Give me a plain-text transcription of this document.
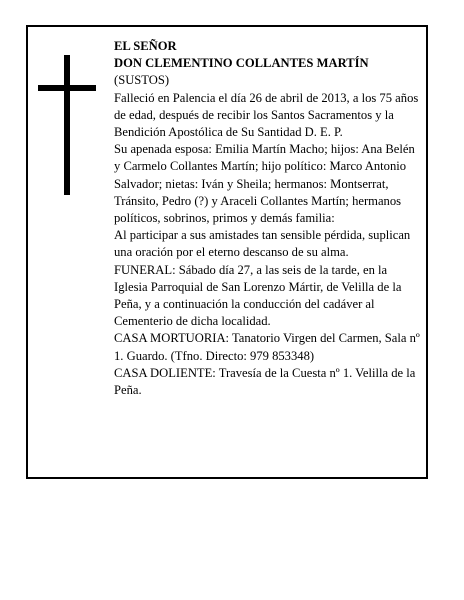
EL SEÑOR

DON CLEMENTINO COLLANTES MARTÍN

(SUSTOS)

Falleció en Palencia el día 26 de abril de 2013, a los 75 años de edad, después de recibir los Santos Sacramentos y la Bendición Apostólica de Su Santidad D. E. P.

Su apenada esposa: Emilia Martín Macho; hijos: Ana Belén y Carmelo Collantes Martín; hijo político: Marco Antonio Salvador; nietas: Iván y Sheila; hermanos: Montserrat, Tránsito, Pedro (?) y Araceli Collantes Martín; hermanos políticos, sobrinos, primos y demás familia:

Al participar a sus amistades tan sensible pérdida, suplican una oración por el eterno descanso de su alma.

FUNERAL: Sábado día 27, a las seis de la tarde, en la Iglesia Parroquial de San Lorenzo Mártir, de Velilla de la Peña, y a continuación la conducción del cadáver al Cementerio de dicha localidad.

CASA MORTUORIA: Tanatorio Virgen del Carmen, Sala nº 1. Guardo. (Tfno. Directo: 979 853348)

CASA DOLIENTE: Travesía de la Cuesta nº 1. Velilla de la Peña.
